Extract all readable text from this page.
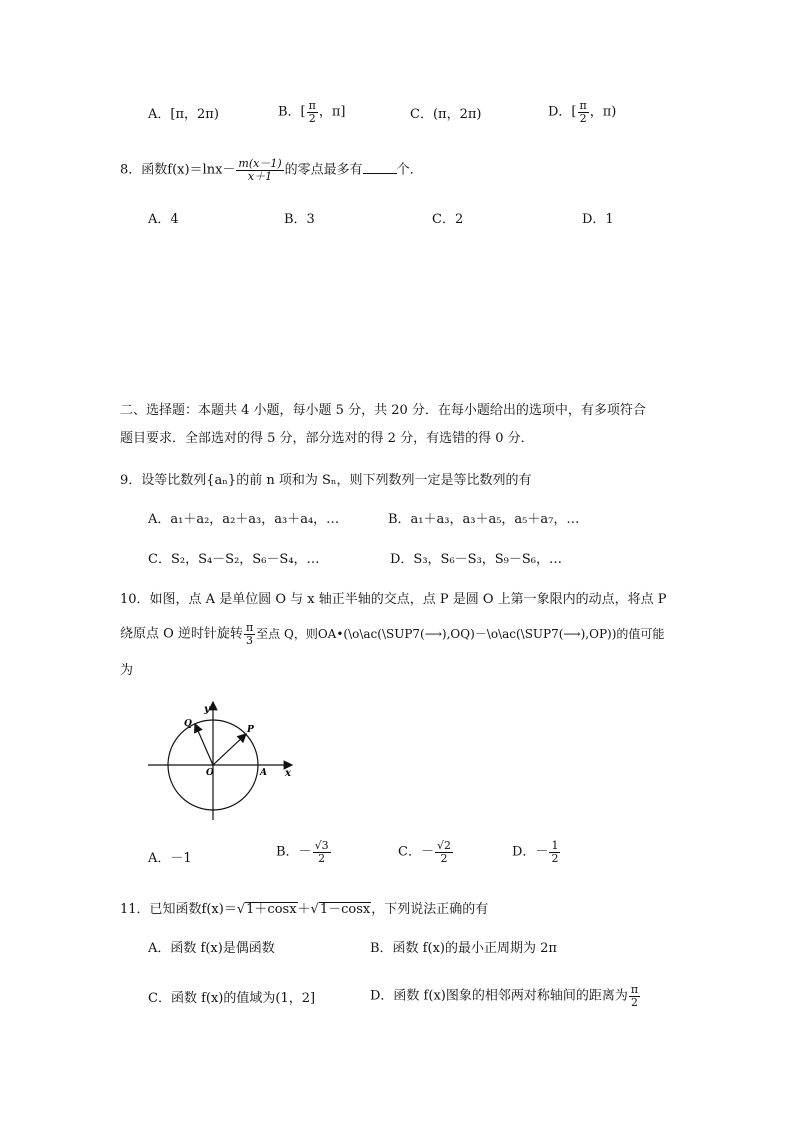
A．[π，2π)	B．[ $\frac{\pi}{2}$ ，π]	C．(π，2π)	D．[ $\frac{\pi}{2}$ ，π)
8．函数$f(x)=\ln x- \frac{m(x-1)}{x+1}$ 的零点最多有	个．
A．4	B．3	C．2	D．1
二、选择题：本题共 4 小题，每小题 5 分，共 20 分．在每小题给出的选项中，有多项符合
题目要求．全部选对的得 5 分，部分选对的得 2 分，有选错的得 0 分．
9．设等比数列{aₙ}的前 n 项和为 Sₙ，则下列数列一定是等比数列的有
A．a₁＋a₂，a₂＋a₃，a₃＋a₄，…	B．a₁＋a₃，a₃＋a₅，a₅＋a₇，…
C．S₂，S₄－S₂，S₆－S₄，…	D．S₃，S₆－S₃，S₉－S₆，…
10．如图，点 A 是单位圆 O 与 x 轴正半轴的交点，点 P 是圆 O 上第一象限内的动点，将点 P
绕原点 O 逆时针旋转 $\frac{\pi}{3}$ 至点 Q，则OA•(\o\ac(\SUP7(⟶),OQ)－\o\ac(\SUP7(⟶),OP))的值可能
为
y
x
O	A
P
Q
A．－1	B．－ $\frac{√3}{2}$	C．－ $\frac{√2}{2}$	D．－ $\frac{1}{2}$
11．已知函数f(x)＝√1＋cosx＋√1－cosx，下列说法正确的有
A．函数 f(x)是偶函数	B．函数 f(x)的最小正周期为 2π
C．函数 f(x)的值域为(1，2]	D．函数 f(x)图象的相邻两对称轴间的距离为 $\frac{\pi}{2}$
